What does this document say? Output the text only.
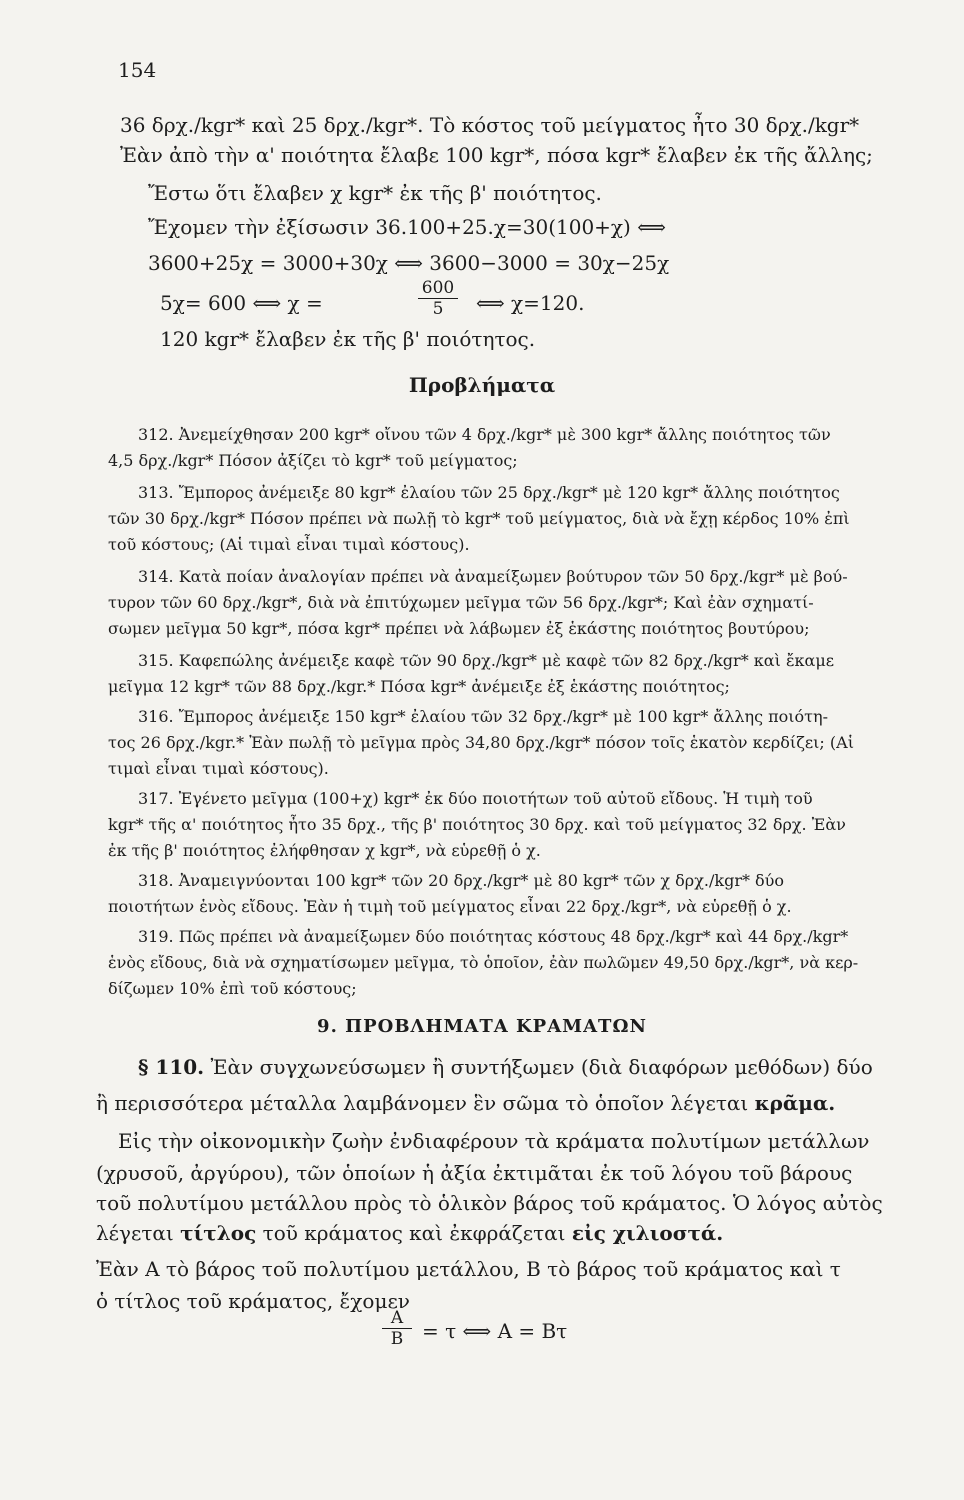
154
36 δρχ./kgr* καὶ 25 δρχ./kgr*. Τὸ κόστος τοῦ μείγματος ἦτο 30 δρχ./kgr*
Ἐὰν ἀπὸ τὴν α' ποιότητα ἔλαβε 100 kgr*, πόσα kgr* ἔλαβεν ἐκ τῆς ἄλλης;
Ἔστω ὅτι ἔλαβεν χ kgr* ἐκ τῆς β' ποιότητος.
Ἔχομεν τὴν ἐξίσωσιν 36.100+25.χ=30(100+χ) ⟺
3600+25χ = 3000+30χ ⟺ 3600−3000 = 30χ−25χ
5χ= 600 ⟺ χ =	$\frac{600}{5}$ ⟺ χ=120.
120 kgr* ἔλαβεν ἐκ τῆς β' ποιότητος.
Προβλήματα
312. Ἀνεμείχθησαν 200 kgr* οἴνου τῶν 4 δρχ./kgr* μὲ 300 kgr* ἄλλης ποιότητος τῶν
4,5 δρχ./kgr* Πόσον ἀξίζει τὸ kgr* τοῦ μείγματος;
313. Ἔμπορος ἀνέμειξε 80 kgr* ἐλαίου τῶν 25 δρχ./kgr* μὲ 120 kgr* ἄλλης ποιότητος
τῶν 30 δρχ./kgr* Πόσον πρέπει νὰ πωλῇ τὸ kgr* τοῦ μείγματος, διὰ νὰ ἔχῃ κέρδος 10% ἐπὶ
τοῦ κόστους; (Αἱ τιμαὶ εἶναι τιμαὶ κόστους).
314. Κατὰ ποίαν ἀναλογίαν πρέπει νὰ ἀναμείξωμεν βούτυρον τῶν 50 δρχ./kgr* μὲ βού-
τυρον τῶν 60 δρχ./kgr*, διὰ νὰ ἐπιτύχωμεν μεῖγμα τῶν 56 δρχ./kgr*; Καὶ ἐὰν σχηματί-
σωμεν μεῖγμα 50 kgr*, πόσα kgr* πρέπει νὰ λάβωμεν ἐξ ἑκάστης ποιότητος βουτύρου;
315. Καφεπώλης ἀνέμειξε καφὲ τῶν 90 δρχ./kgr* μὲ καφὲ τῶν 82 δρχ./kgr* καὶ ἔκαμε
μεῖγμα 12 kgr* τῶν 88 δρχ./kgr.* Πόσα kgr* ἀνέμειξε ἐξ ἑκάστης ποιότητος;
316. Ἔμπορος ἀνέμειξε 150 kgr* ἐλαίου τῶν 32 δρχ./kgr* μὲ 100 kgr* ἄλλης ποιότη-
τος 26 δρχ./kgr.* Ἐὰν πωλῇ τὸ μεῖγμα πρὸς 34,80 δρχ./kgr* πόσον τοῖς ἑκατὸν κερδίζει; (Αἱ
τιμαὶ εἶναι τιμαὶ κόστους).
317. Ἐγένετο μεῖγμα (100+χ) kgr* ἐκ δύο ποιοτήτων τοῦ αὐτοῦ εἴδους. Ἡ τιμὴ τοῦ
kgr* τῆς α' ποιότητος ἦτο 35 δρχ., τῆς β' ποιότητος 30 δρχ. καὶ τοῦ μείγματος 32 δρχ. Ἐὰν
ἐκ τῆς β' ποιότητος ἐλήφθησαν χ kgr*, νὰ εὑρεθῇ ὁ χ.
318. Ἀναμειγνύονται 100 kgr* τῶν 20 δρχ./kgr* μὲ 80 kgr* τῶν χ δρχ./kgr* δύο
ποιοτήτων ἑνὸς εἴδους. Ἐὰν ἡ τιμὴ τοῦ μείγματος εἶναι 22 δρχ./kgr*, νὰ εὑρεθῇ ὁ χ.
319. Πῶς πρέπει νὰ ἀναμείξωμεν δύο ποιότητας κόστους 48 δρχ./kgr* καὶ 44 δρχ./kgr*
ἑνὸς εἴδους, διὰ νὰ σχηματίσωμεν μεῖγμα, τὸ ὁποῖον, ἐὰν πωλῶμεν 49,50 δρχ./kgr*, νὰ κερ-
δίζωμεν 10% ἐπὶ τοῦ κόστους;
9. ΠΡΟΒΛΗΜΑΤΑ ΚΡΑΜΑΤΩΝ
§ 110. Ἐὰν συγχωνεύσωμεν ἢ συντήξωμεν (διὰ διαφόρων μεθόδων) δύο
ἢ περισσότερα μέταλλα λαμβάνομεν ἓν σῶμα τὸ ὁποῖον λέγεται κρᾶμα.
Εἰς τὴν οἰκονομικὴν ζωὴν ἐνδιαφέρουν τὰ κράματα πολυτίμων μετάλλων
(χρυσοῦ, ἀργύρου), τῶν ὁποίων ἡ ἀξία ἐκτιμᾶται ἐκ τοῦ λόγου τοῦ βάρους
τοῦ πολυτίμου μετάλλου πρὸς τὸ ὁλικὸν βάρος τοῦ κράματος. Ὁ λόγος αὐτὸς
λέγεται τίτλος τοῦ κράματος καὶ ἐκφράζεται εἰς χιλιοστά.
Ἐὰν Α τὸ βάρος τοῦ πολυτίμου μετάλλου, Β τὸ βάρος τοῦ κράματος καὶ τ
ὁ τίτλος τοῦ κράματος, ἔχομεν
$\frac{A}{B} = \tau$ ⟺ Α = Βτ
